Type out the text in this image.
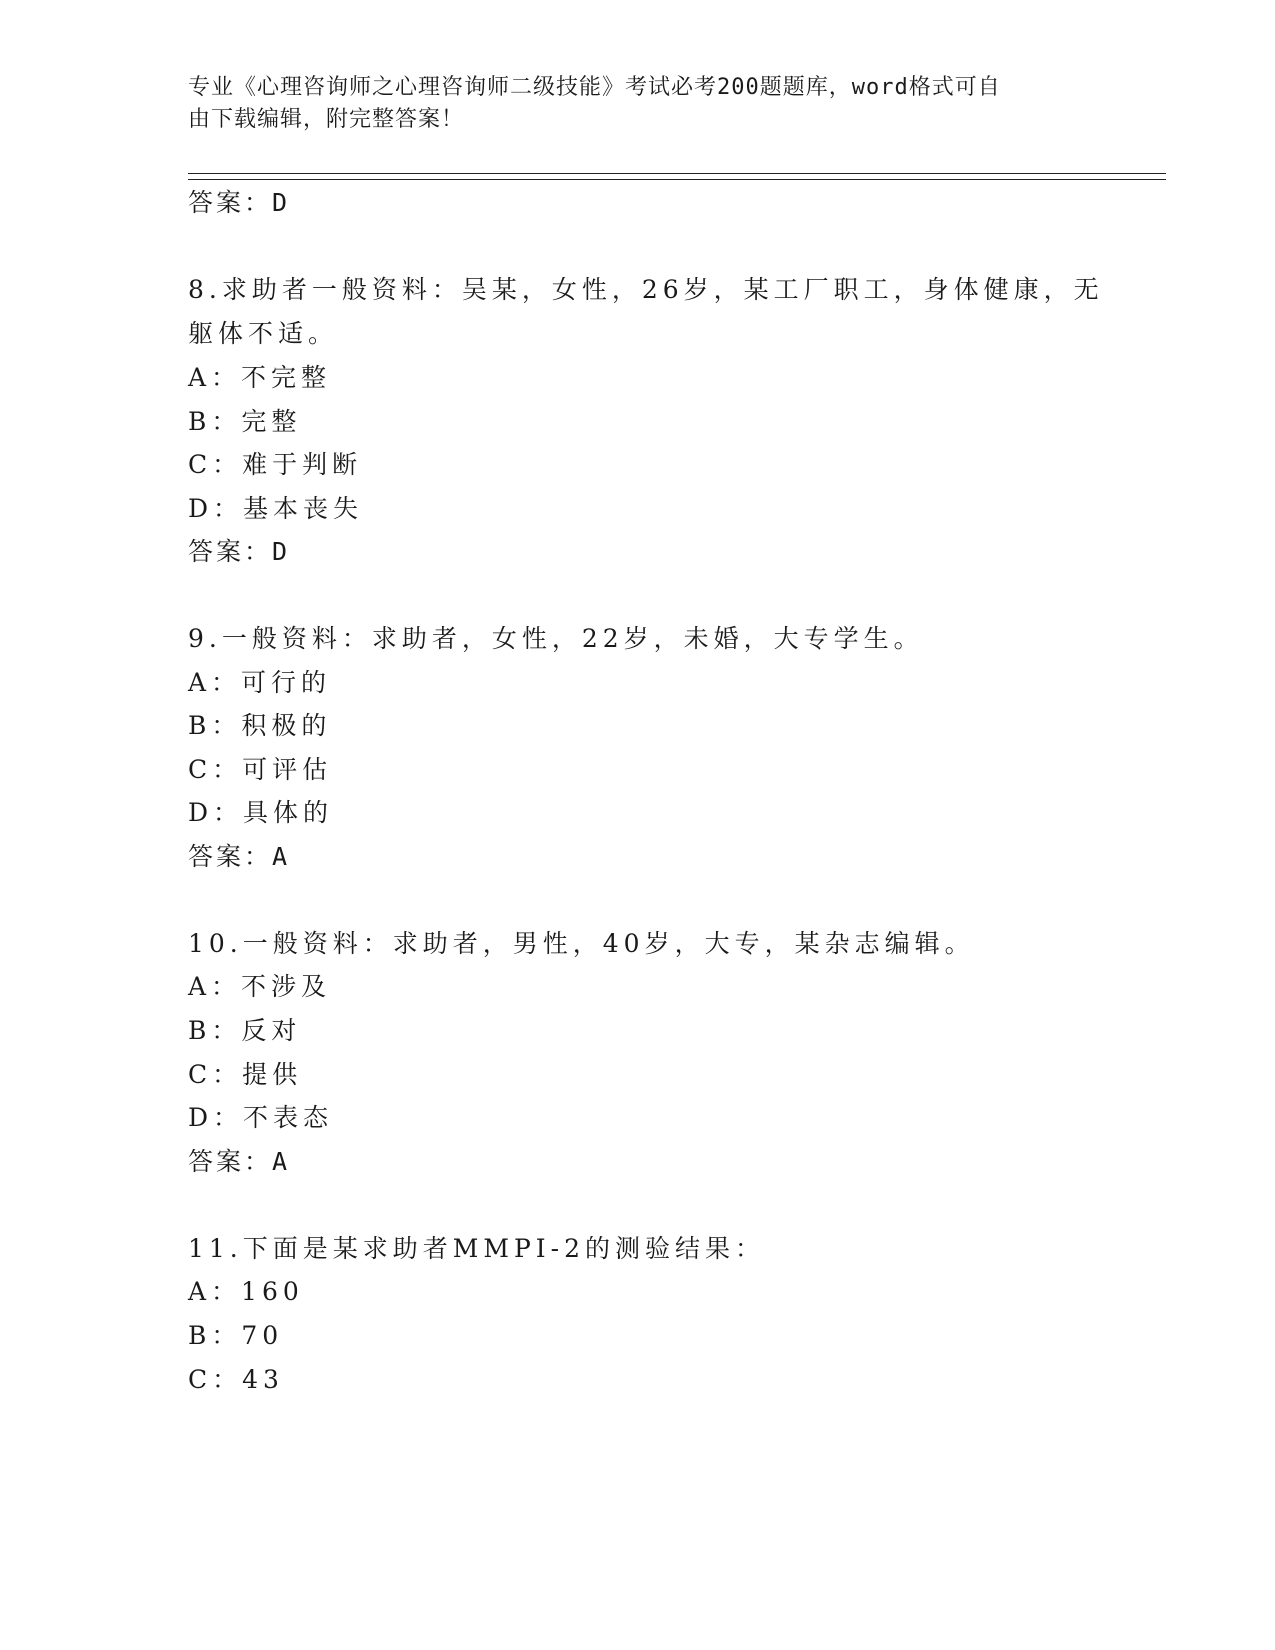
专业《心理咨询师之心理咨询师二级技能》考试必考200题题库，word格式可自
由下载编辑，附完整答案！
答案：D
8.求助者一般资料：吴某，女性，26岁，某工厂职工，身体健康，无
躯体不适。
A：不完整
B：完整
C：难于判断
D：基本丧失
答案：D
9.一般资料：求助者，女性，22岁，未婚，大专学生。
A：可行的
B：积极的
C：可评估
D：具体的
答案：A
10.一般资料：求助者，男性，40岁，大专，某杂志编辑。
A：不涉及
B：反对
C：提供
D：不表态
答案：A
11.下面是某求助者MMPI-2的测验结果：
A：160
B：70
C：43
